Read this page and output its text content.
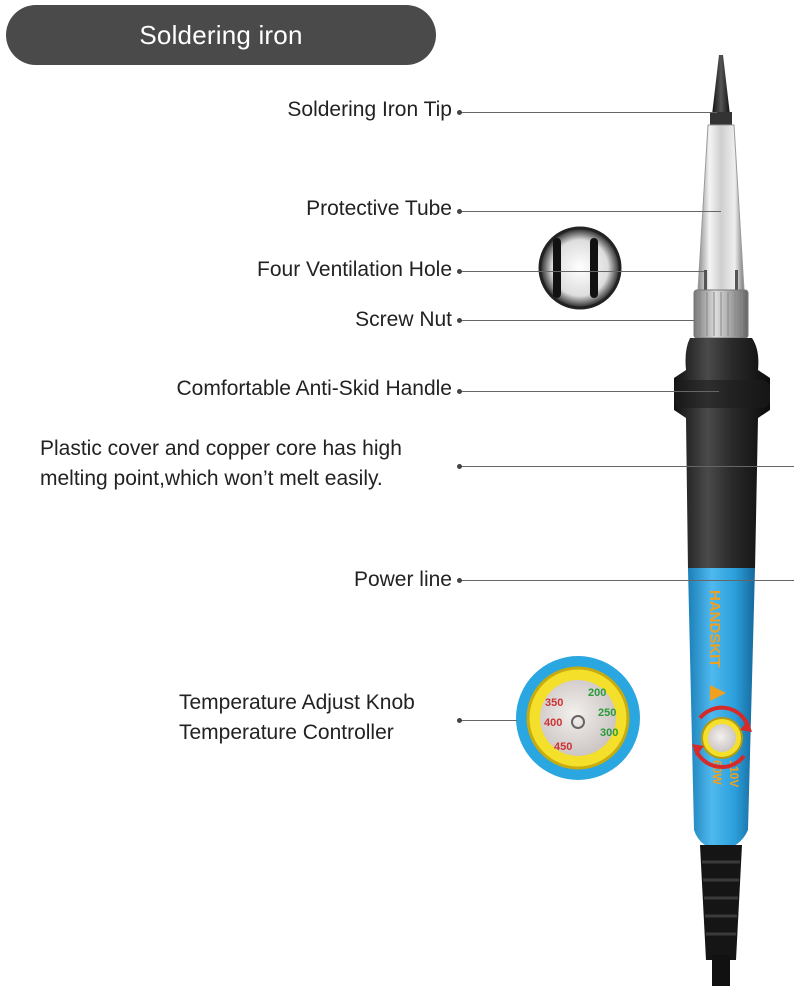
Soldering iron
HANDSKIT
110V
60W
200
250
300
350
400
450
Soldering Iron Tip
Protective Tube
Four Ventilation Hole
Screw Nut
Comfortable Anti-Skid Handle
Plastic cover and copper core has high
melting point,which won’t melt easily.
Power line
Temperature Adjust Knob
Temperature Controller
